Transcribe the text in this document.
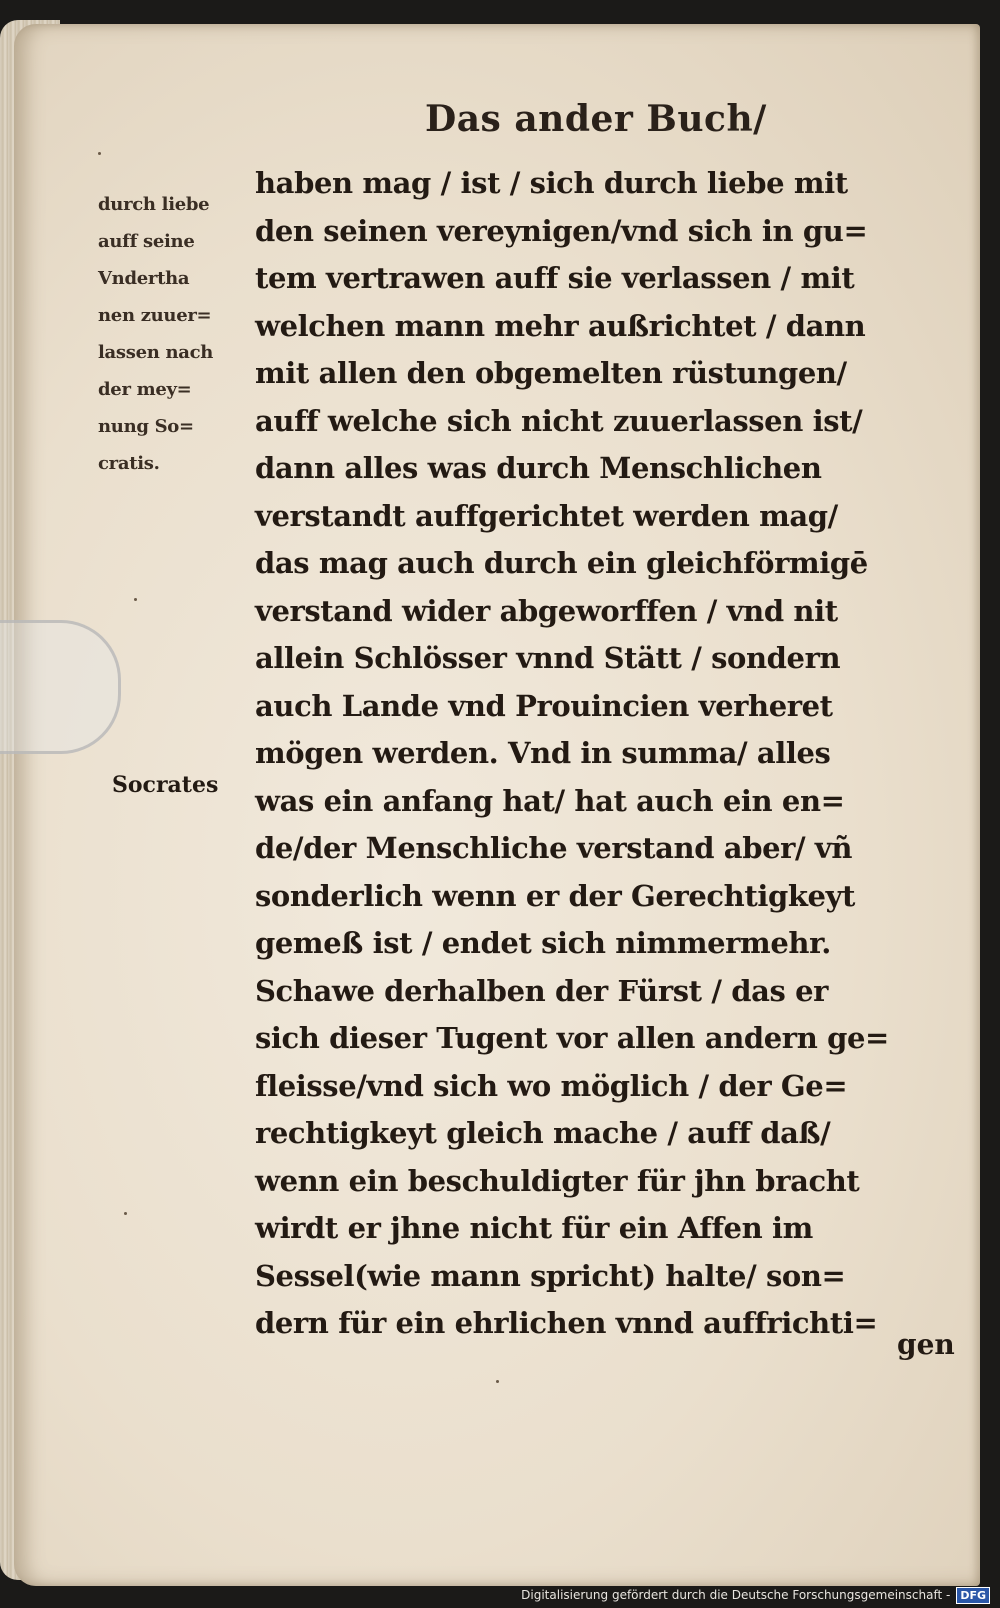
Das ander Buch/
durch liebe
auff seine
Vndertha
nen zuuer=
lassen nach
der mey=
nung So=
cratis.
Socrates
haben mag / ist / sich durch liebe mit
den seinen vereynigen/vnd sich in gu=
tem vertrawen auff sie verlassen / mit
welchen mann mehr außrichtet / dann
mit allen den obgemelten rüstungen/
auff welche sich nicht zuuerlassen ist/
dann alles was durch Menschlichen
verstandt auffgerichtet werden mag/
das mag auch durch ein gleichförmigē
verstand wider abgeworffen / vnd nit
allein Schlösser vnnd Stätt / sondern
auch Lande vnd Prouincien verheret
mögen werden. Vnd in summa/ alles
was ein anfang hat/ hat auch ein en=
de/der Menschliche verstand aber/ vñ
sonderlich wenn er der Gerechtigkeyt
gemeß ist / endet sich nimmermehr.
Schawe derhalben der Fürst / das er
sich dieser Tugent vor allen andern ge=
fleisse/vnd sich wo möglich / der Ge=
rechtigkeyt gleich mache / auff daß/
wenn ein beschuldigter für jhn bracht
wirdt er jhne nicht für ein Affen im
Sessel(wie mann spricht) halte/ son=
dern für ein ehrlichen vnnd auffrichti=
gen
Digitalisierung gefördert durch die Deutsche Forschungsgemeinschaft - DFG
